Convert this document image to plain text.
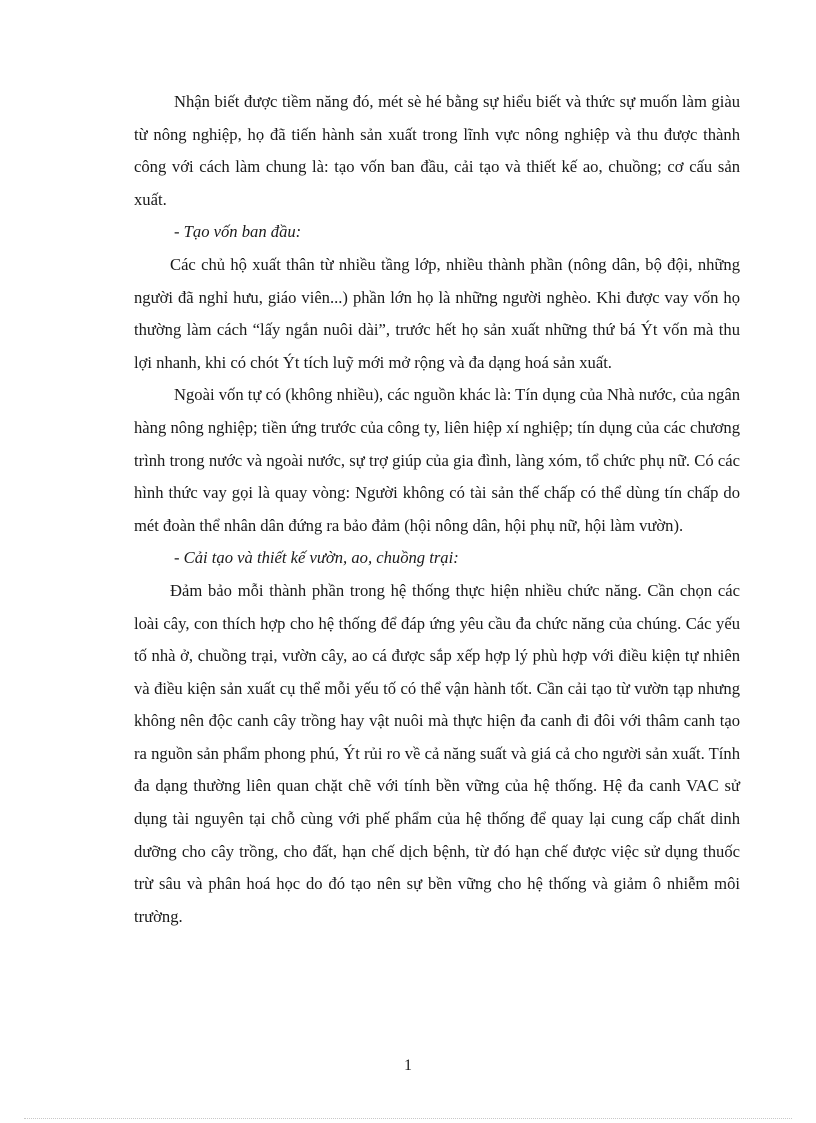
Nhận biết được tiềm năng đó, mét sè hé bằng sự hiểu biết và thức sự muốn làm giàu từ nông nghiệp, họ đã tiến hành sản xuất trong lĩnh vực nông nghiệp và thu được thành công với cách làm chung là: tạo vốn ban đầu, cải tạo và thiết kế ao, chuồng; cơ cấu sản xuất.

- Tạo vốn ban đầu:

Các chủ hộ xuất thân từ nhiều tầng lớp, nhiều thành phần (nông dân, bộ đội, những người đã nghỉ hưu, giáo viên...) phần lớn họ là những người nghèo. Khi được vay vốn họ thường làm cách “lấy ngắn nuôi dài”, trước hết họ sản xuất những thứ bá Ýt vốn mà thu lợi nhanh, khi có chót Ýt tích luỹ mới mở rộng và đa dạng hoá sản xuất.

Ngoài vốn tự có (không nhiều), các nguồn khác là: Tín dụng của Nhà nước, của ngân hàng nông nghiệp; tiền ứng trước của công ty, liên hiệp xí nghiệp; tín dụng của các chương trình trong nước và ngoài nước, sự trợ giúp của gia đình, làng xóm, tổ chức phụ nữ. Có các hình thức vay gọi là quay vòng: Người không có tài sản thế chấp có thể dùng tín chấp do mét đoàn thể nhân dân đứng ra bảo đảm (hội nông dân, hội phụ nữ, hội làm vườn).

- Cải tạo và thiết kế vườn, ao, chuồng trại:

Đảm bảo mỗi thành phần trong hệ thống thực hiện nhiều chức năng. Cần chọn các loài cây, con thích hợp cho hệ thống để đáp ứng yêu cầu đa chức năng của chúng. Các yếu tố nhà ở, chuồng trại, vườn cây, ao cá được sắp xếp hợp lý phù hợp với điều kiện tự nhiên và điều kiện sản xuất cụ thể mỗi yếu tố có thể vận hành tốt. Cần cải tạo từ vườn tạp nhưng không nên độc canh cây trồng hay vật nuôi mà thực hiện đa canh đi đôi với thâm canh tạo ra nguồn sản phẩm phong phú, Ýt rủi ro về cả năng suất và giá cả cho người sản xuất. Tính đa dạng thường liên quan chặt chẽ với tính bền vững của hệ thống. Hệ đa canh VAC sử dụng tài nguyên tại chỗ cùng với phế phẩm của hệ thống để quay lại cung cấp chất dinh dưỡng cho cây trồng, cho đất, hạn chế dịch bệnh, từ đó hạn chế được việc sử dụng thuốc trừ sâu và phân hoá học do đó tạo nên sự bền vững cho hệ thống và giảm ô nhiễm môi trường.

1
